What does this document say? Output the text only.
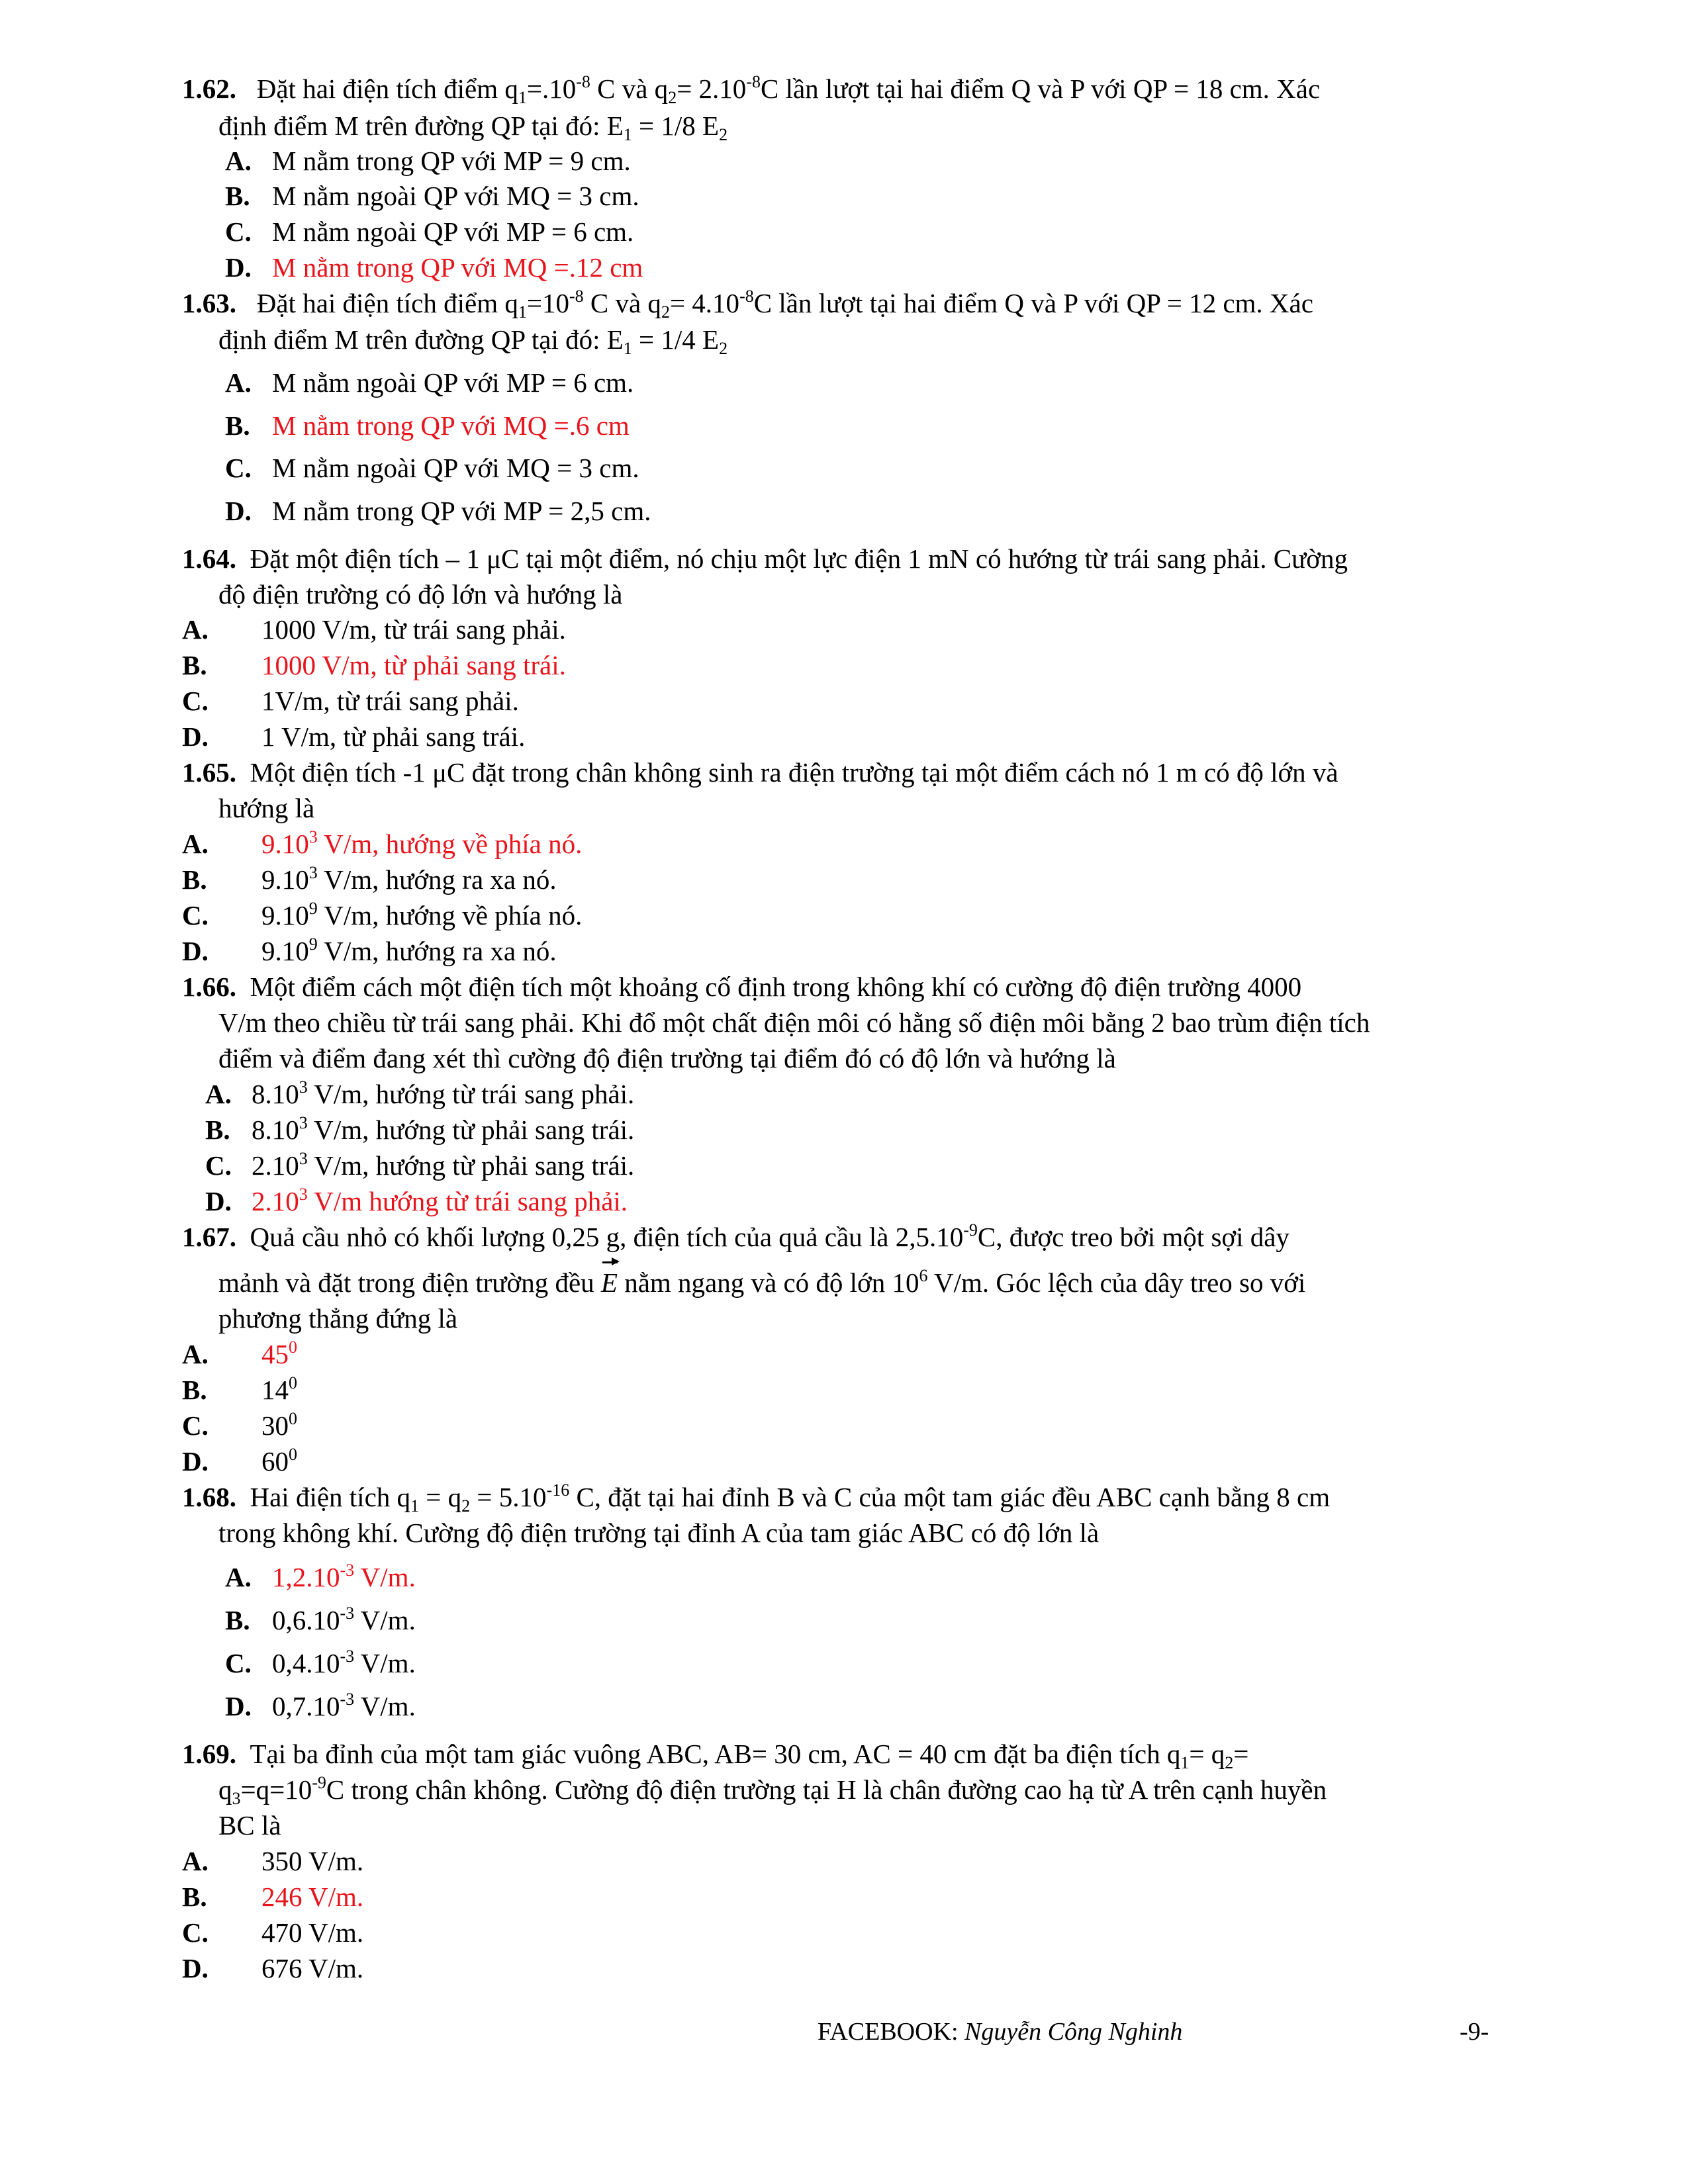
1.62. Đặt hai điện tích điểm $q_1=.10^{-8}$ C và $q_2= 2.10^{-8}C$ lần lượt tại hai điểm Q và P với QP = 18 cm. Xác
định điểm M trên đường QP tại đó: $E_1 = 1/8$ $E_2$
A. M nằm trong QP với MP = 9 cm.
B. M nằm ngoài QP với MQ = 3 cm.
C. M nằm ngoài QP với MP = 6 cm.
D. M nằm trong QP với MQ =.12 cm
1.63. Đặt hai điện tích điểm $q_1=10^{-8}$ C và $q_2= 4.10^{-8}C$ lần lượt tại hai điểm Q và P với QP = 12 cm. Xác
định điểm M trên đường QP tại đó: $E_1 = 1/4$ $E_2$
A. M nằm ngoài QP với MP = 6 cm.
B. M nằm trong QP với MQ =.6 cm
C. M nằm ngoài QP với MQ = 3 cm.
D. M nằm trong QP với MP = 2,5 cm.
1.64. Đặt một điện tích – 1 μC tại một điểm, nó chịu một lực điện 1 mN có hướng từ trái sang phải. Cường
độ điện trường có độ lớn và hướng là
A. 1000 V/m, từ trái sang phải.
B. 1000 V/m, từ phải sang trái.
C. 1V/m, từ trái sang phải.
D. 1 V/m, từ phải sang trái.
1.65. Một điện tích -1 μC đặt trong chân không sinh ra điện trường tại một điểm cách nó 1 m có độ lớn và
hướng là
A. 9.10$^3$ V/m, hướng về phía nó.
B. 9.10$^3$ V/m, hướng ra xa nó.
C. 9.10$^9$ V/m, hướng về phía nó.
D. 9.10$^9$ V/m, hướng ra xa nó.
1.66. Một điểm cách một điện tích một khoảng cố định trong không khí có cường độ điện trường 4000
V/m theo chiều từ trái sang phải. Khi đổ một chất điện môi có hằng số điện môi bằng 2 bao trùm điện tích
điểm và điểm đang xét thì cường độ điện trường tại điểm đó có độ lớn và hướng là
A. 8.10$^3$ V/m, hướng từ trái sang phải.
B. 8.10$^3$ V/m, hướng từ phải sang trái.
C. 2.10$^3$ V/m, hướng từ phải sang trái.
D. 2.10$^3$ V/m hướng từ trái sang phải.
1.67. Quả cầu nhỏ có khối lượng 0,25 g, điện tích của quả cầu là $2,5.10^{-9}C$, được treo bởi một sợi dây
mảnh và đặt trong điện trường đều E nằm ngang và có độ lớn $10^6$ V/m. Góc lệch của dây treo so với
phương thẳng đứng là
A. $45^0$
B. $14^0$
C. $30^0$
D. $60^0$
1.68. Hai điện tích $q_1 = q_2 = 5.10^{-16}$ C, đặt tại hai đỉnh B và C của một tam giác đều ABC cạnh bằng 8 cm
trong không khí. Cường độ điện trường tại đỉnh A của tam giác ABC có độ lớn là
A. $1,2.10^{-3}$ V/m.
B. $0,6.10^{-3}$ V/m.
C. $0,4.10^{-3}$ V/m.
D. $0,7.10^{-3}$ V/m.
1.69. Tại ba đỉnh của một tam giác vuông ABC, AB= 30 cm, AC = 40 cm đặt ba điện tích $q_1= q_2=$
$q_3=q=10^{-9}C$ trong chân không. Cường độ điện trường tại H là chân đường cao hạ từ A trên cạnh huyền
BC là
A. 350 V/m.
B. 246 V/m.
C. 470 V/m.
D. 676 V/m.
FACEBOOK: Nguyễn Công Nghinh	-9-
